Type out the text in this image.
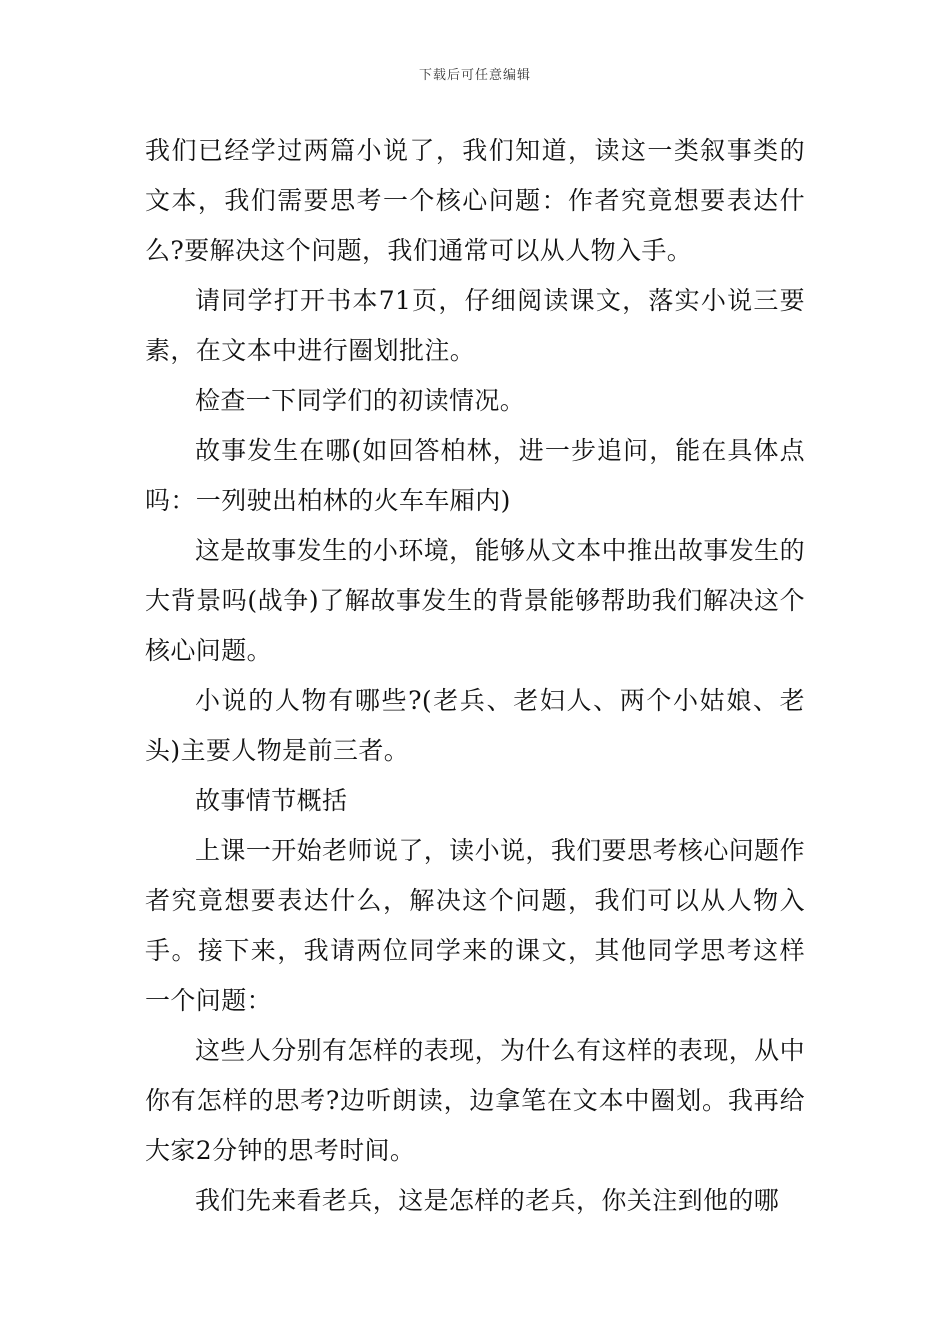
下载后可任意编辑

我们已经学过两篇小说了，我们知道，读这一类叙事类的文本，我们需要思考一个核心问题：作者究竟想要表达什么?要解决这个问题，我们通常可以从人物入手。

请同学打开书本71页，仔细阅读课文，落实小说三要素，在文本中进行圈划批注。

检查一下同学们的初读情况。

故事发生在哪(如回答柏林，进一步追问，能在具体点吗：一列驶出柏林的火车车厢内)

这是故事发生的小环境，能够从文本中推出故事发生的大背景吗(战争)了解故事发生的背景能够帮助我们解决这个核心问题。

小说的人物有哪些?(老兵、老妇人、两个小姑娘、老头)主要人物是前三者。

故事情节概括

上课一开始老师说了，读小说，我们要思考核心问题作者究竟想要表达什么，解决这个问题，我们可以从人物入手。接下来，我请两位同学来的课文，其他同学思考这样一个问题：

这些人分别有怎样的表现，为什么有这样的表现，从中你有怎样的思考?边听朗读，边拿笔在文本中圈划。我再给大家2分钟的思考时间。

我们先来看老兵，这是怎样的老兵，你关注到他的哪
